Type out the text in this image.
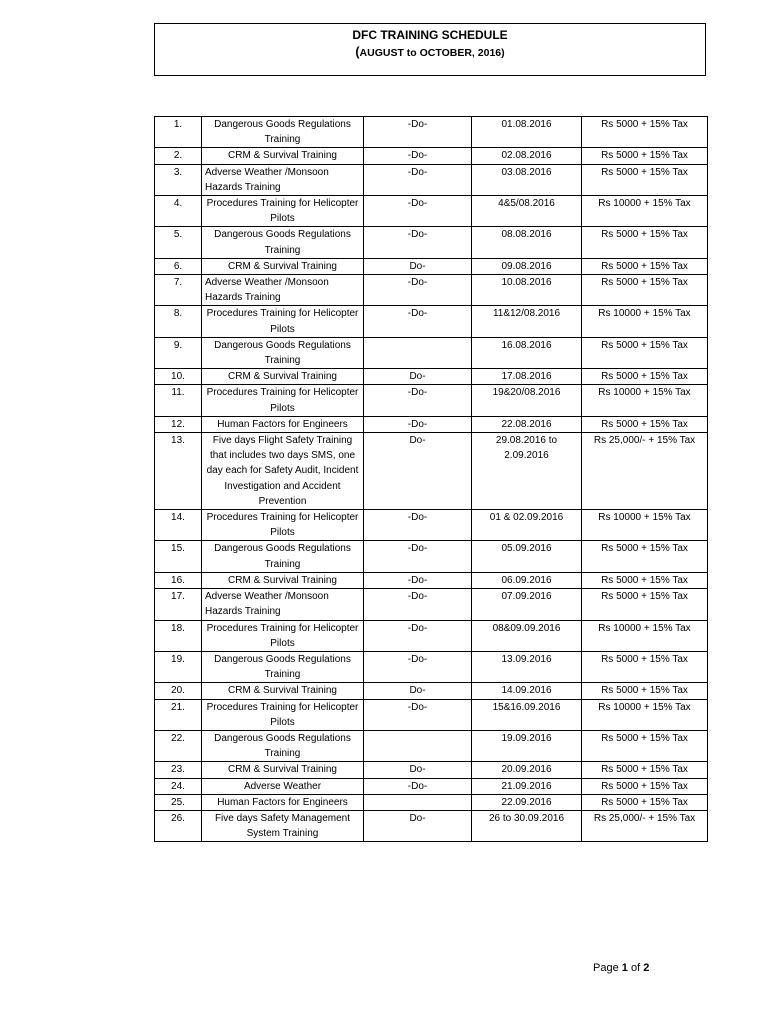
DFC TRAINING SCHEDULE
(AUGUST to OCTOBER, 2016)
1.	Dangerous Goods Regulations Training	-Do-	01.08.2016	Rs 5000 + 15% Tax
2.	CRM & Survival Training	-Do-	02.08.2016	Rs 5000 + 15% Tax
3.	Adverse Weather /Monsoon Hazards Training	-Do-	03.08.2016	Rs 5000 + 15% Tax
4.	Procedures Training for Helicopter Pilots	-Do-	4&5/08.2016	Rs 10000 + 15% Tax
5.	Dangerous Goods Regulations Training	-Do-	08.08.2016	Rs 5000 + 15% Tax
6.	CRM & Survival Training	Do-	09.08.2016	Rs 5000 + 15% Tax
7.	Adverse Weather /Monsoon Hazards Training	-Do-	10.08.2016	Rs 5000 + 15% Tax
8.	Procedures Training for Helicopter Pilots	-Do-	11&12/08.2016	Rs 10000 + 15% Tax
9.	Dangerous Goods Regulations Training		16.08.2016	Rs 5000 + 15% Tax
10.	CRM & Survival Training	Do-	17.08.2016	Rs 5000 + 15% Tax
11.	Procedures Training for Helicopter Pilots	-Do-	19&20/08.2016	Rs 10000 + 15% Tax
12.	Human Factors for Engineers	-Do-	22.08.2016	Rs 5000 + 15% Tax
13.	Five days Flight Safety Training that includes two days SMS, one day each for Safety Audit, Incident Investigation and Accident Prevention	Do-	29.08.2016 to 2.09.2016	Rs 25,000/- + 15% Tax
14.	Procedures Training for Helicopter Pilots	-Do-	01 & 02.09.2016	Rs 10000 + 15% Tax
15.	Dangerous Goods Regulations Training	-Do-	05.09.2016	Rs 5000 + 15% Tax
16.	CRM & Survival Training	-Do-	06.09.2016	Rs 5000 + 15% Tax
17.	Adverse Weather /Monsoon Hazards Training	-Do-	07.09.2016	Rs 5000 + 15% Tax
18.	Procedures Training for Helicopter Pilots	-Do-	08&09.09.2016	Rs 10000 + 15% Tax
19.	Dangerous Goods Regulations Training	-Do-	13.09.2016	Rs 5000 + 15% Tax
20.	CRM & Survival Training	Do-	14.09.2016	Rs 5000 + 15% Tax
21.	Procedures Training for Helicopter Pilots	-Do-	15&16.09.2016	Rs 10000 + 15% Tax
22.	Dangerous Goods Regulations Training		19.09.2016	Rs 5000 + 15% Tax
23.	CRM & Survival Training	Do-	20.09.2016	Rs 5000 + 15% Tax
24.	Adverse Weather	-Do-	21.09.2016	Rs 5000 + 15% Tax
25.	Human Factors for Engineers		22.09.2016	Rs 5000 + 15% Tax
26.	Five days Safety Management System Training	Do-	26 to 30.09.2016	Rs 25,000/- + 15% Tax
Page 1 of 2
